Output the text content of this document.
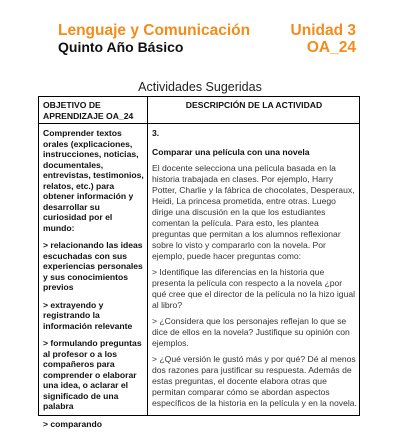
Lenguaje y Comunicación
Quinto Año Básico
Unidad 3
OA_24
Actividades Sugeridas
OBJETIVO DE APRENDIZAJE OA_24
DESCRIPCIÓN DE LA ACTIVIDAD

Comprender textos orales (explicaciones, instrucciones, noticias, documentales, entrevistas, testimonios, relatos, etc.) para obtener información y desarrollar su curiosidad por el mundo:

> relacionando las ideas escuchadas con sus experiencias personales y sus conocimientos previos

> extrayendo y registrando la información relevante

> formulando preguntas al profesor o a los compañeros para comprender o elaborar una idea, o aclarar el significado de una palabra

> comparando

3.

Comparar una película con una novela

El docente selecciona una película basada en la historia trabajada en clases. Por ejemplo, Harry Potter, Charlie y la fábrica de chocolates, Desperaux, Heidi, La princesa prometida, entre otras. Luego dirige una discusión en la que los estudiantes comentan la película. Para esto, les plantea preguntas que permitan a los alumnos reflexionar sobre lo visto y compararlo con la novela. Por ejemplo, puede hacer preguntas como:

> Identifique las diferencias en la historia que presenta la película con respecto a la novela ¿por qué cree que el director de la película no la hizo igual al libro?

> ¿Considera que los personajes reflejan lo que se dice de ellos en la novela? Justifique su opinión con ejemplos.

> ¿Qué versión le gustó más y por qué? Dé al menos dos razones para justificar su respuesta. Además de estas preguntas, el docente elabora otras que permitan comparar cómo se abordan aspectos específicos de la historia en la película y en la novela.
